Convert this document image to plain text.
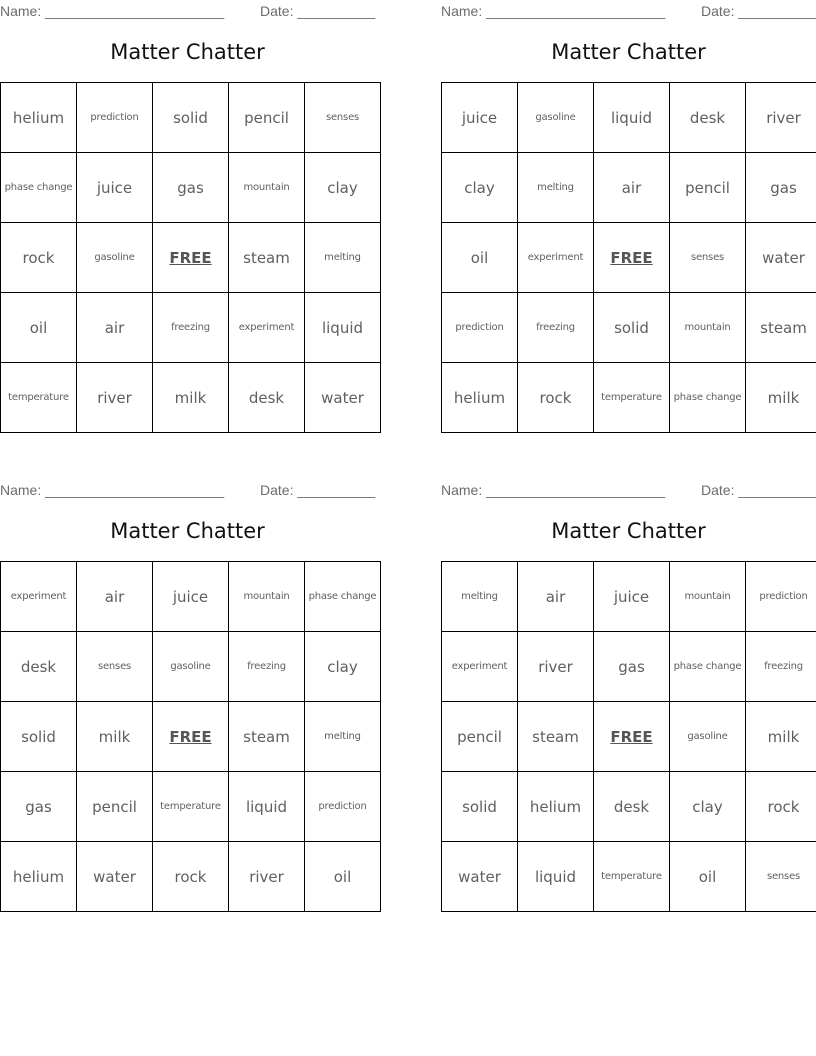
Name: _______________________	Date: __________
Matter Chatter
helium	prediction	solid	pencil	senses
phase change	juice	gas	mountain	clay
rock	gasoline	FREE	steam	melting
oil	air	freezing	experiment	liquid
temperature	river	milk	desk	water
Name: _______________________	Date: __________
Matter Chatter
juice	gasoline	liquid	desk	river
clay	melting	air	pencil	gas
oil	experiment	FREE	senses	water
prediction	freezing	solid	mountain	steam
helium	rock	temperature	phase change	milk
Name: _______________________	Date: __________
Matter Chatter
experiment	air	juice	mountain	phase change
desk	senses	gasoline	freezing	clay
solid	milk	FREE	steam	melting
gas	pencil	temperature	liquid	prediction
helium	water	rock	river	oil
Name: _______________________	Date: __________
Matter Chatter
melting	air	juice	mountain	prediction
experiment	river	gas	phase change	freezing
pencil	steam	FREE	gasoline	milk
solid	helium	desk	clay	rock
water	liquid	temperature	oil	senses
